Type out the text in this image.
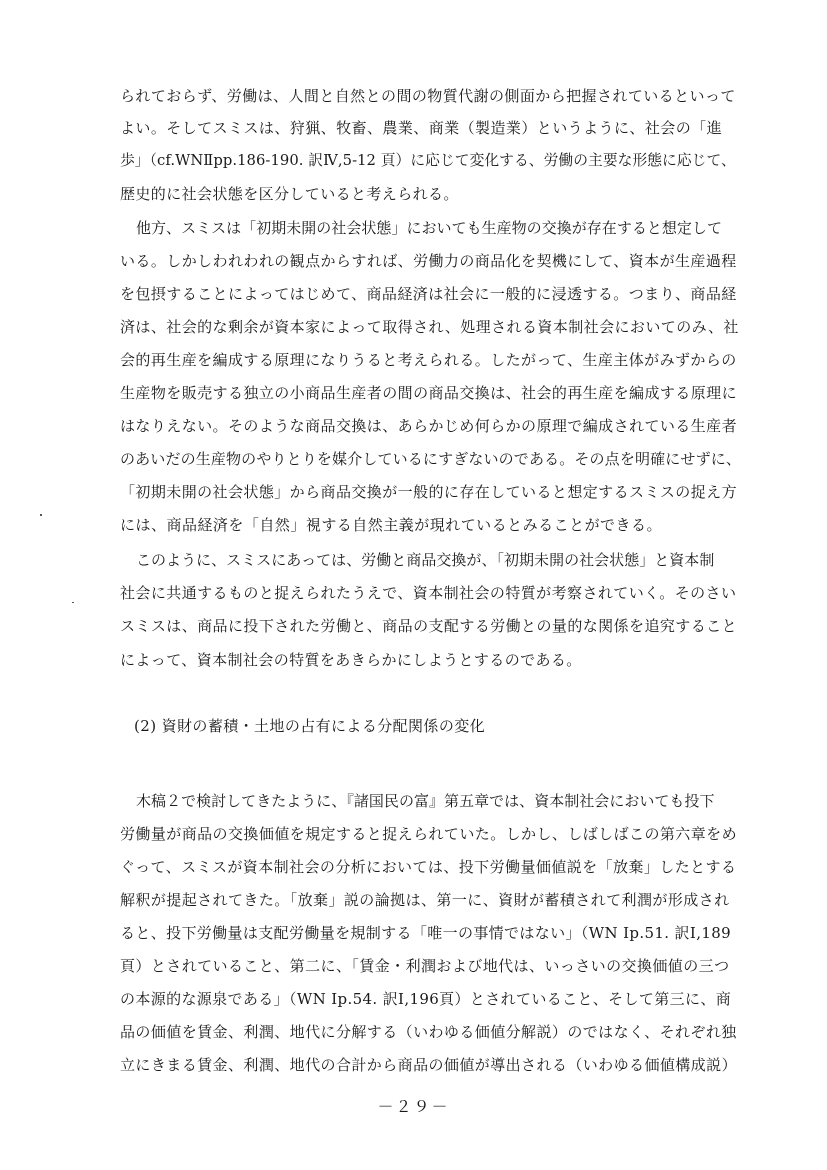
られておらず、労働は、人間と自然との間の物質代謝の側面から把握されているといって
よい。そしてスミスは、狩猟、牧畜、農業、商業（製造業）というように、社会の「進
歩」（cf.WNⅡpp.186-190. 訳Ⅳ,5-12 頁）に応じて変化する、労働の主要な形態に応じて、
歴史的に社会状態を区分していると考えられる。
他方、スミスは「初期未開の社会状態」においても生産物の交換が存在すると想定して
いる。しかしわれわれの観点からすれば、労働力の商品化を契機にして、資本が生産過程
を包摂することによってはじめて、商品経済は社会に一般的に浸透する。つまり、商品経
済は、社会的な剰余が資本家によって取得され、処理される資本制社会においてのみ、社
会的再生産を編成する原理になりうると考えられる。したがって、生産主体がみずからの
生産物を販売する独立の小商品生産者の間の商品交換は、社会的再生産を編成する原理に
はなりえない。そのような商品交換は、あらかじめ何らかの原理で編成されている生産者
のあいだの生産物のやりとりを媒介しているにすぎないのである。その点を明確にせずに、
「初期未開の社会状態」から商品交換が一般的に存在していると想定するスミスの捉え方
には、商品経済を「自然」視する自然主義が現れているとみることができる。
このように、スミスにあっては、労働と商品交換が、「初期未開の社会状態」と資本制
社会に共通するものと捉えられたうえで、資本制社会の特質が考察されていく。そのさい
スミスは、商品に投下された労働と、商品の支配する労働との量的な関係を追究すること
によって、資本制社会の特質をあきらかにしようとするのである。
(2) 資財の蓄積・土地の占有による分配関係の変化
木稿２で検討してきたように、『諸国民の富』第五章では、資本制社会においても投下
労働量が商品の交換価値を規定すると捉えられていた。しかし、しばしばこの第六章をめ
ぐって、スミスが資本制社会の分析においては、投下労働量価値説を「放棄」したとする
解釈が提起されてきた。「放棄」説の論拠は、第一に、資財が蓄積されて利潤が形成され
ると、投下労働量は支配労働量を規制する「唯一の事情ではない」（WN Ⅰp.51. 訳Ⅰ,189
頁）とされていること、第二に、「賃金・利潤および地代は、いっさいの交換価値の三つ
の本源的な源泉である」（WN Ⅰp.54. 訳Ⅰ,196頁）とされていること、そして第三に、商
品の価値を賃金、利潤、地代に分解する（いわゆる価値分解説）のではなく、それぞれ独
立にきまる賃金、利潤、地代の合計から商品の価値が導出される（いわゆる価値構成説）
－２９－
